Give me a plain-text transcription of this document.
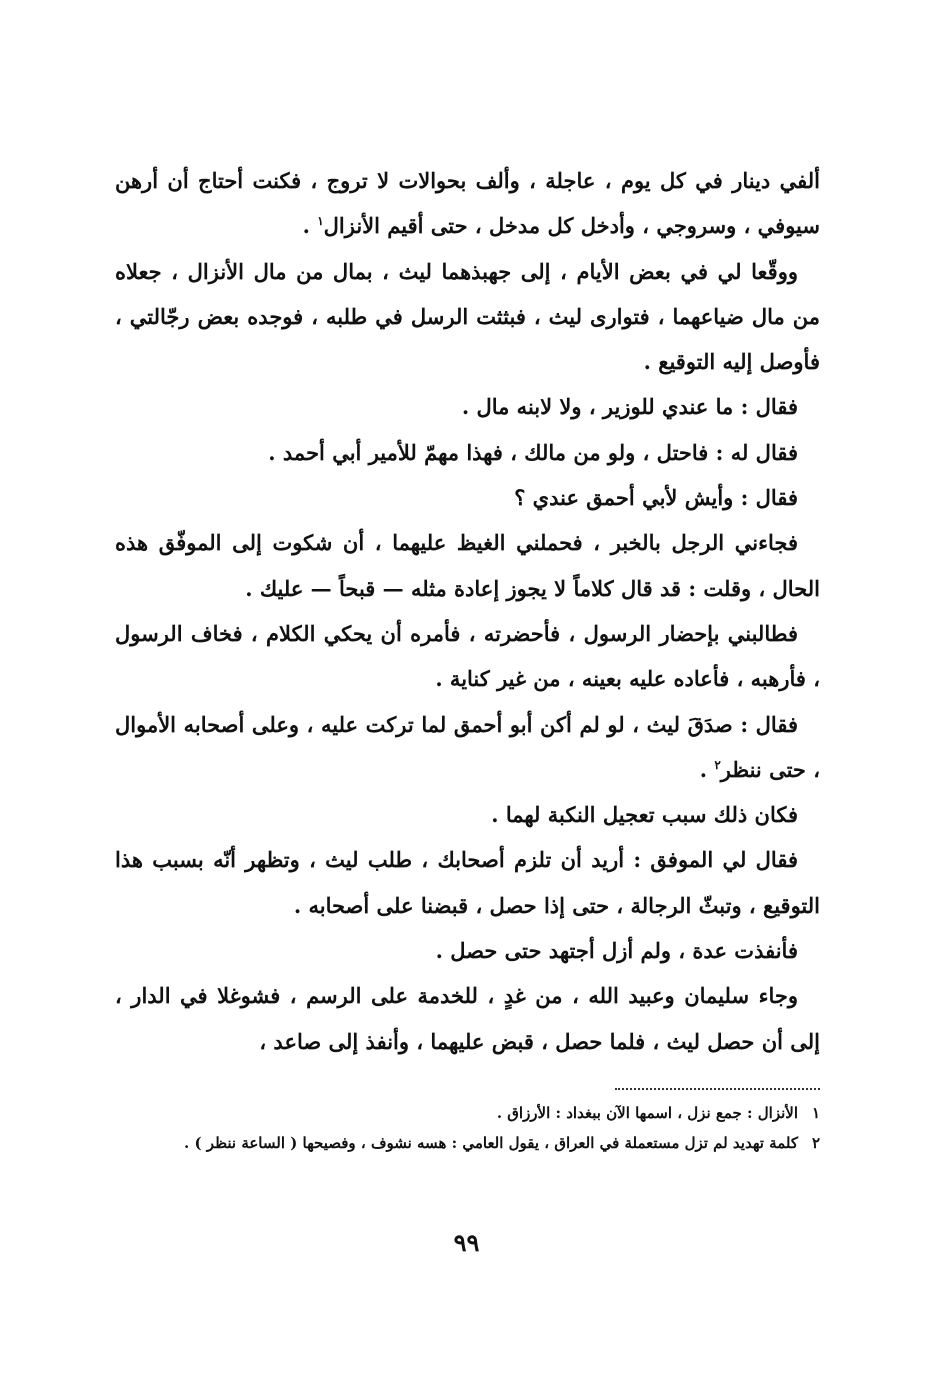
ألفي دينار في كل يوم ، عاجلة ، وألف بحوالات لا تروج ، فكنت أحتاج أن أرهن سيوفي ، وسروجي ، وأدخل كل مدخل ، حتى أقيم الأنزال$^١$ .

ووقّعا لي في بعض الأيام ، إلى جهبذهما ليث ، بمال من مال الأنزال ، جعلاه من مال ضياعهما ، فتوارى ليث ، فبثثت الرسل في طلبه ، فوجده بعض رجّالتي ، فأوصل إليه التوقيع .

فقال : ما عندي للوزير ، ولا لابنه مال .

فقال له : فاحتل ، ولو من مالك ، فهذا مهمّ للأمير أبي أحمد .

فقال : وأيش لأبي أحمق عندي ؟

فجاءني الرجل بالخبر ، فحملني الغيظ عليهما ، أن شكوت إلى الموفّق هذه الحال ، وقلت : قد قال كلاماً لا يجوز إعادة مثله — قبحاً — عليك .

فطالبني بإحضار الرسول ، فأحضرته ، فأمره أن يحكي الكلام ، فخاف الرسول ، فأرهبه ، فأعاده عليه بعينه ، من غير كناية .

فقال : صدَقَ ليث ، لو لم أكن أبو أحمق لما تركت عليه ، وعلى أصحابه الأموال ، حتى ننظر$^٢$ .

فكان ذلك سبب تعجيل النكبة لهما .

فقال لي الموفق : أريد أن تلزم أصحابك ، طلب ليث ، وتظهر أنّه بسبب هذا التوقيع ، وتبثّ الرجالة ، حتى إذا حصل ، قبضنا على أصحابه .

فأنفذت عدة ، ولم أزل أجتهد حتى حصل .

وجاء سليمان وعبيد الله ، من غدٍ ، للخدمة على الرسم ، فشوغلا في الدار ، إلى أن حصل ليث ، فلما حصل ، قبض عليهما ، وأنفذ إلى صاعد ،

١الأنزال : جمع نزل ، اسمها الآن ببغداد : الأرزاق .

٢كلمة تهديد لم تزل مستعملة في العراق ، يقول العامي : هسه نشوف ، وفصيحها ( الساعة ننظر ) .

٩٩
